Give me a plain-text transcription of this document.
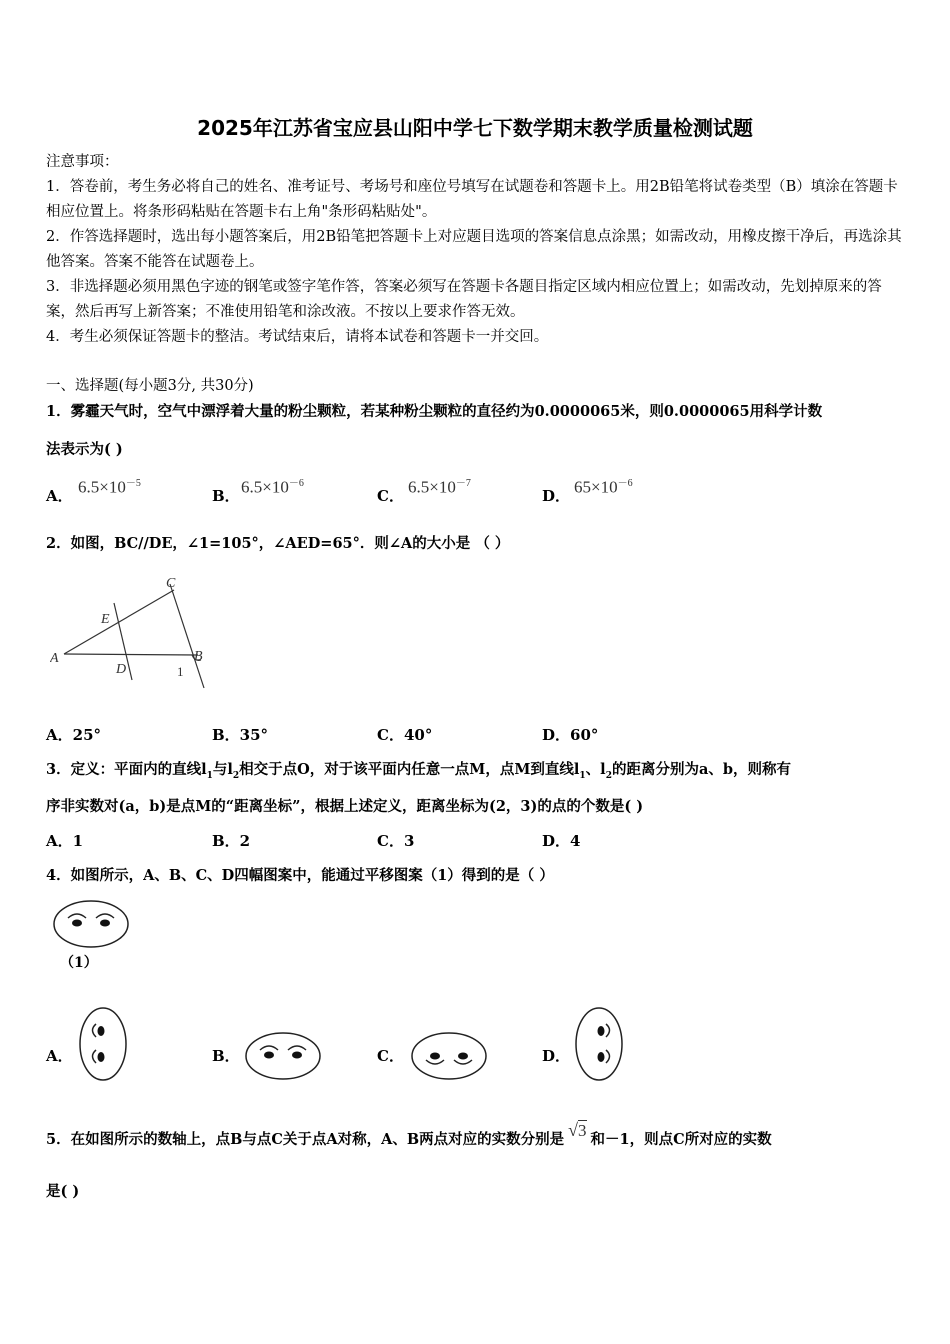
2025年江苏省宝应县山阳中学七下数学期末教学质量检测试题

注意事项：

1．答卷前，考生务必将自己的姓名、准考证号、考场号和座位号填写在试题卷和答题卡上。用2B铅笔将试卷类型（B）填涂在答题卡相应位置上。将条形码粘贴在答题卡右上角"条形码粘贴处"。

2．作答选择题时，选出每小题答案后，用2B铅笔把答题卡上对应题目选项的答案信息点涂黑；如需改动，用橡皮擦干净后，再选涂其他答案。答案不能答在试题卷上。

3．非选择题必须用黑色字迹的钢笔或签字笔作答，答案必须写在答题卡各题目指定区域内相应位置上；如需改动，先划掉原来的答案，然后再写上新答案；不准使用铅笔和涂改液。不按以上要求作答无效。

4．考生必须保证答题卡的整洁。考试结束后，请将本试卷和答题卡一并交回。

一、选择题(每小题3分, 共30分)
1．雾霾天气时，空气中漂浮着大量的粉尘颗粒，若某种粉尘颗粒的直径约为0.0000065米，则0.0000065用科学计数
法表示为( )
A． $6.5\times 10^{-5}$
B． $6.5\times 10^{-6}$
C． $6.5\times 10^{-7}$
D． $65\times 10^{-6}$
2．如图，BC//DE，∠1=105°，∠AED=65°．则∠A的大小是 （ ）
A	B
C
D
E
1
A．25°	B．35°	C．40°	D．60°
3．定义：平面内的直线$l_1$与$l_2$相交于点O，对于该平面内任意一点M，点M到直线$l_1$、$l_2$的距离分别为a、b，则称有
序非实数对(a，b)是点M的“距离坐标”，根据上述定义，距离坐标为(2，3)的点的个数是( )
A．1	B．2	C．3	D．4
4．如图所示，A、B、C、D四幅图案中，能通过平移图案（1）得到的是（ ）
（1）
A．	B．	C．	D．
5．在如图所示的数轴上，点B与点C关于点A对称，A、B两点对应的实数分别是 √3 和－1，则点C所对应的实数
是( )
